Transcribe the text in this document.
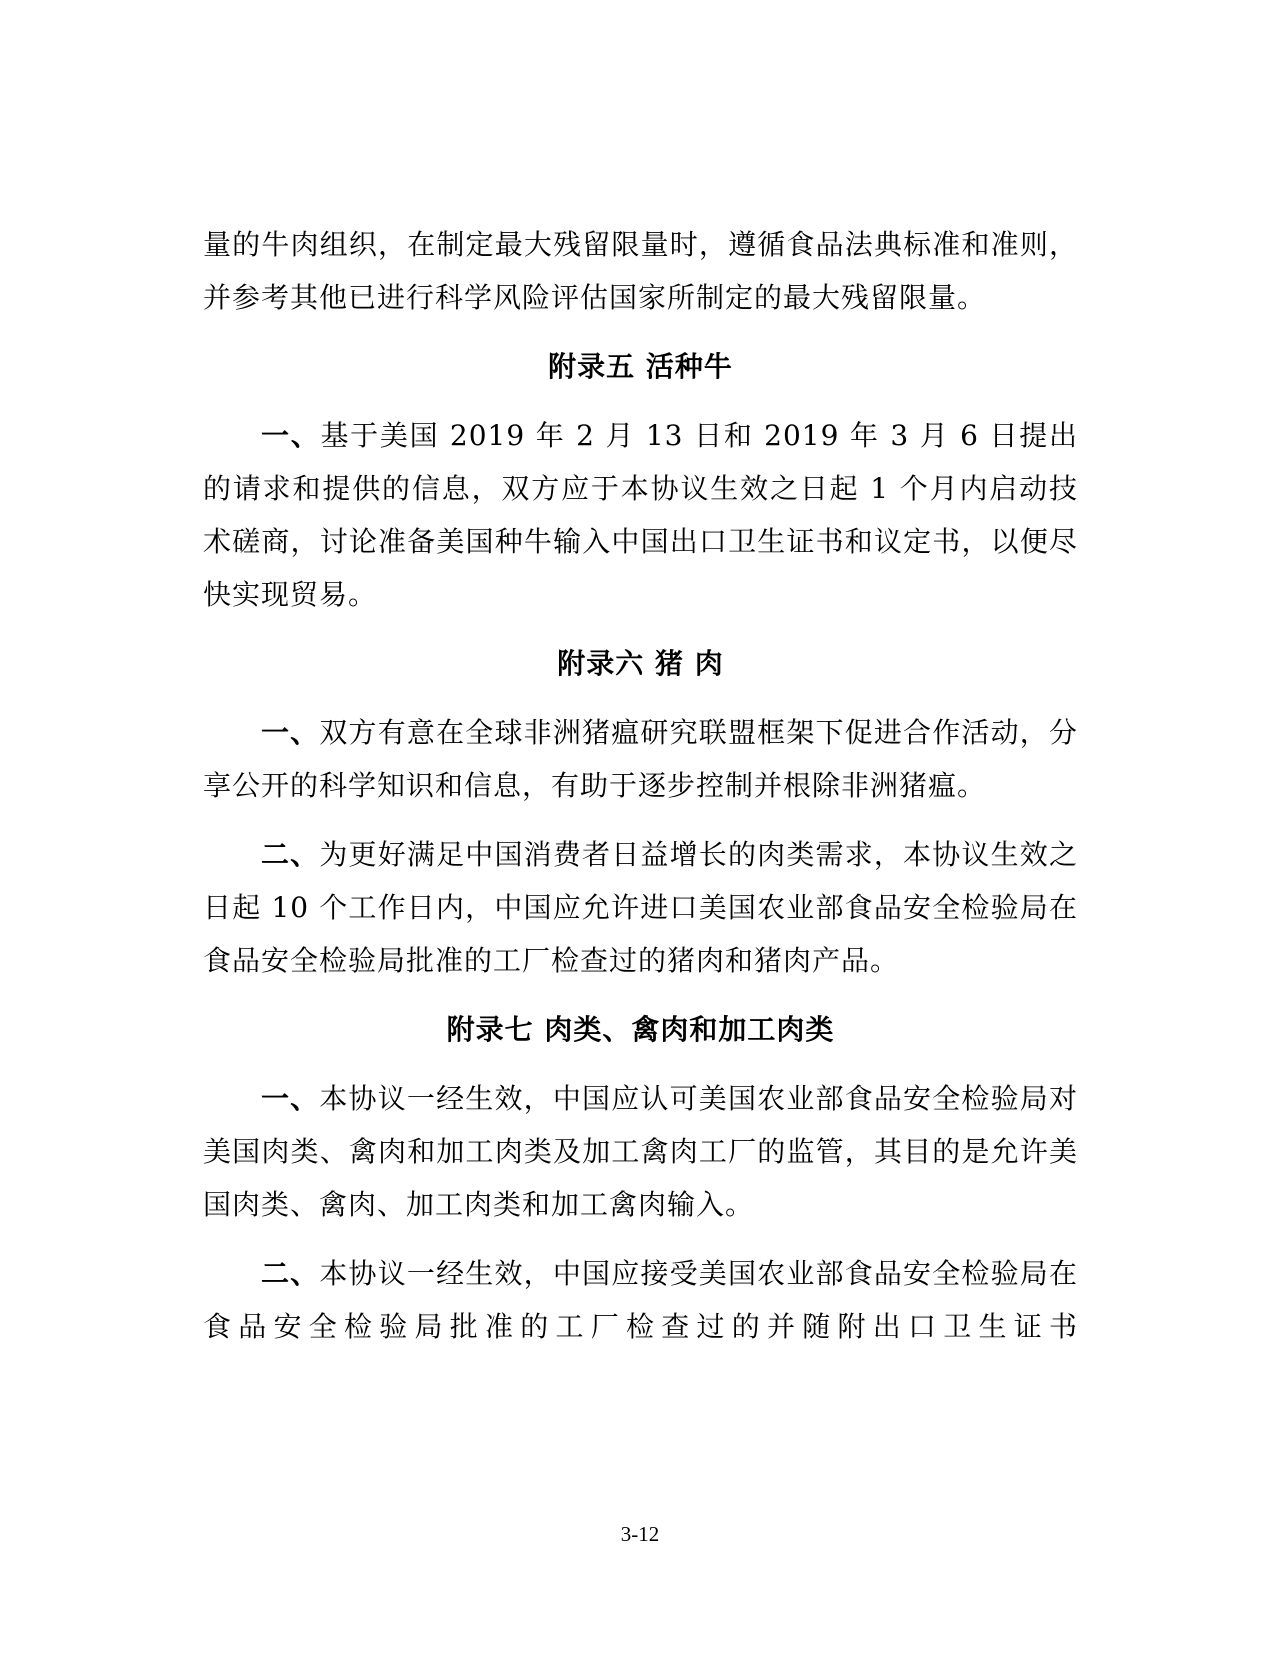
量的牛肉组织，在制定最大残留限量时，遵循食品法典标准和准则，并参考其他已进行科学风险评估国家所制定的最大残留限量。

附录五 活种牛

一、基于美国 2019 年 2 月 13 日和 2019 年 3 月 6 日提出的请求和提供的信息，双方应于本协议生效之日起 1 个月内启动技术磋商，讨论准备美国种牛输入中国出口卫生证书和议定书，以便尽快实现贸易。

附录六 猪 肉

一、双方有意在全球非洲猪瘟研究联盟框架下促进合作活动，分享公开的科学知识和信息，有助于逐步控制并根除非洲猪瘟。

二、为更好满足中国消费者日益增长的肉类需求，本协议生效之日起 10 个工作日内，中国应允许进口美国农业部食品安全检验局在食品安全检验局批准的工厂检查过的猪肉和猪肉产品。

附录七 肉类、禽肉和加工肉类

一、本协议一经生效，中国应认可美国农业部食品安全检验局对美国肉类、禽肉和加工肉类及加工禽肉工厂的监管，其目的是允许美国肉类、禽肉、加工肉类和加工禽肉输入。

二、本协议一经生效，中国应接受美国农业部食品安全检验局在食品安全检验局批准的工厂检查过的并随附出口卫生证书

3-12
